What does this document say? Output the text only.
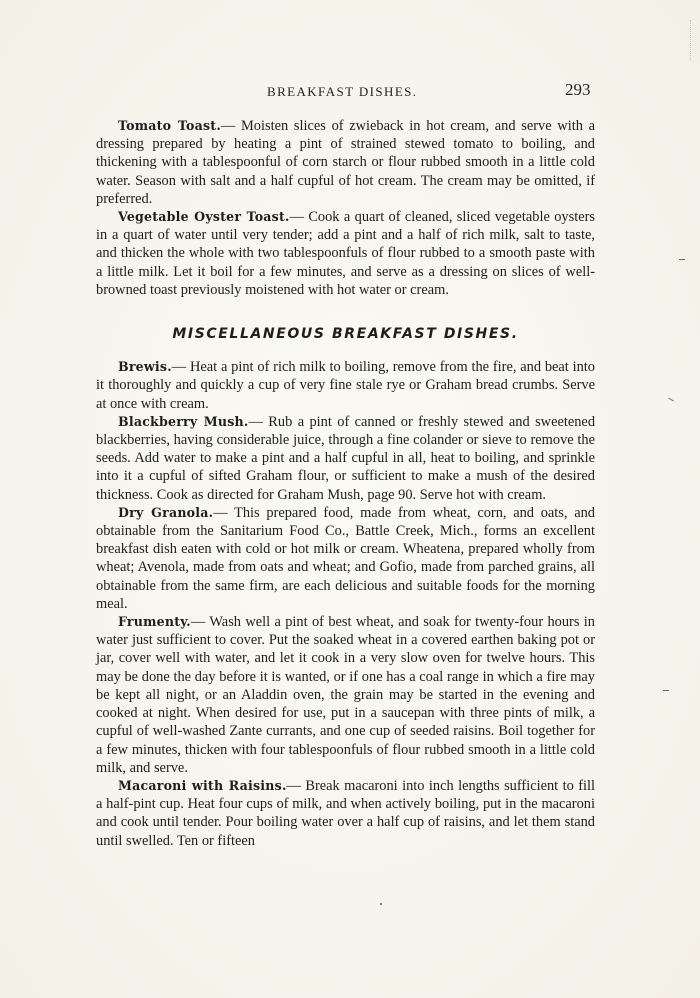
BREAKFAST DISHES.	293

Tomato Toast.— Moisten slices of zwieback in hot cream, and serve with a dressing prepared by heating a pint of strained stewed tomato to boiling, and thickening with a tablespoonful of corn starch or flour rubbed smooth in a little cold water. Season with salt and a half cupful of hot cream. The cream may be omitted, if preferred.

Vegetable Oyster Toast.— Cook a quart of cleaned, sliced vegetable oysters in a quart of water until very tender; add a pint and a half of rich milk, salt to taste, and thicken the whole with two tablespoonfuls of flour rubbed to a smooth paste with a little milk. Let it boil for a few minutes, and serve as a dressing on slices of well-browned toast previously moistened with hot water or cream.

MISCELLANEOUS BREAKFAST DISHES.

Brewis.— Heat a pint of rich milk to boiling, remove from the fire, and beat into it thoroughly and quickly a cup of very fine stale rye or Graham bread crumbs. Serve at once with cream.

Blackberry Mush.— Rub a pint of canned or freshly stewed and sweetened blackberries, having considerable juice, through a fine colander or sieve to remove the seeds. Add water to make a pint and a half cupful in all, heat to boiling, and sprinkle into it a cupful of sifted Graham flour, or sufficient to make a mush of the desired thickness. Cook as directed for Graham Mush, page 90. Serve hot with cream.

Dry Granola.— This prepared food, made from wheat, corn, and oats, and obtainable from the Sanitarium Food Co., Battle Creek, Mich., forms an excellent breakfast dish eaten with cold or hot milk or cream. Wheatena, prepared wholly from wheat; Avenola, made from oats and wheat; and Gofio, made from parched grains, all obtainable from the same firm, are each delicious and suitable foods for the morning meal.

Frumenty.— Wash well a pint of best wheat, and soak for twenty-four hours in water just sufficient to cover. Put the soaked wheat in a covered earthen baking pot or jar, cover well with water, and let it cook in a very slow oven for twelve hours. This may be done the day before it is wanted, or if one has a coal range in which a fire may be kept all night, or an Aladdin oven, the grain may be started in the evening and cooked at night. When desired for use, put in a saucepan with three pints of milk, a cupful of well-washed Zante currants, and one cup of seeded raisins. Boil together for a few minutes, thicken with four tablespoonfuls of flour rubbed smooth in a little cold milk, and serve.

Macaroni with Raisins.— Break macaroni into inch lengths sufficient to fill a half-pint cup. Heat four cups of milk, and when actively boiling, put in the macaroni and cook until tender. Pour boiling water over a half cup of raisins, and let them stand until swelled. Ten or fifteen
